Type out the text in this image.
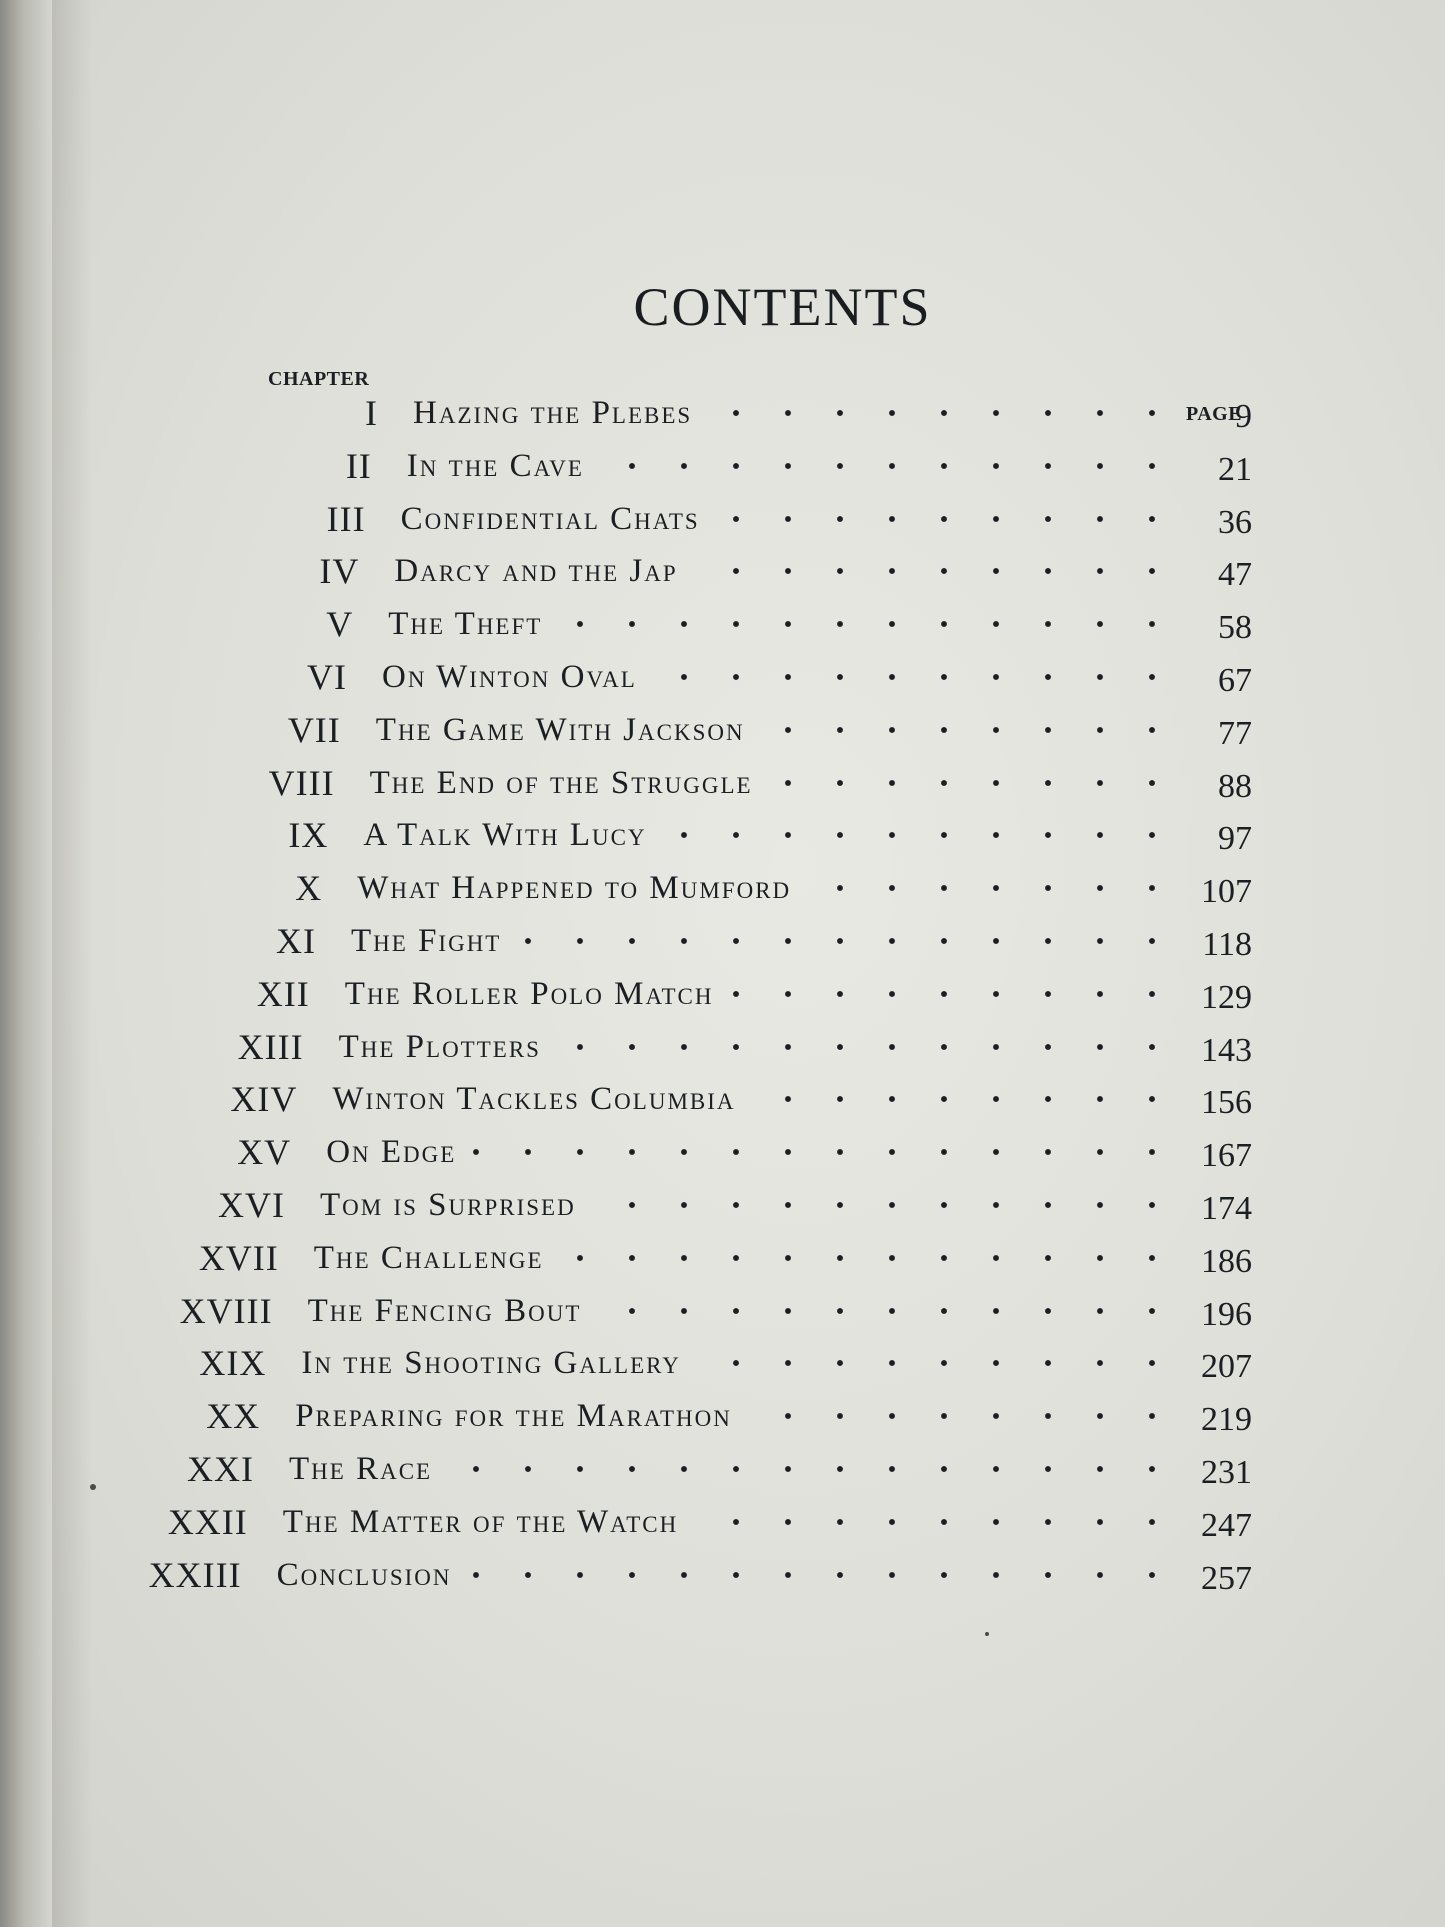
CONTENTS
CHAPTER
PAGE
I Hazing the Plebes	9
II In the Cave	21
III Confidential Chats	36
IV Darcy and the Jap	47
V The Theft	58
VI On Winton Oval	67
VII The Game With Jackson	77
VIII The End of the Struggle	88
IX A Talk With Lucy	97
X What Happened to Mumford	107
XI The Fight	118
XII The Roller Polo Match	129
XIII The Plotters	143
XIV Winton Tackles Columbia	156
XV On Edge	167
XVI Tom is Surprised	174
XVII The Challenge	186
XVIII The Fencing Bout	196
XIX In the Shooting Gallery	207
XX Preparing for the Marathon	219
XXI The Race	231
XXII The Matter of the Watch	247
XXIII Conclusion	257
